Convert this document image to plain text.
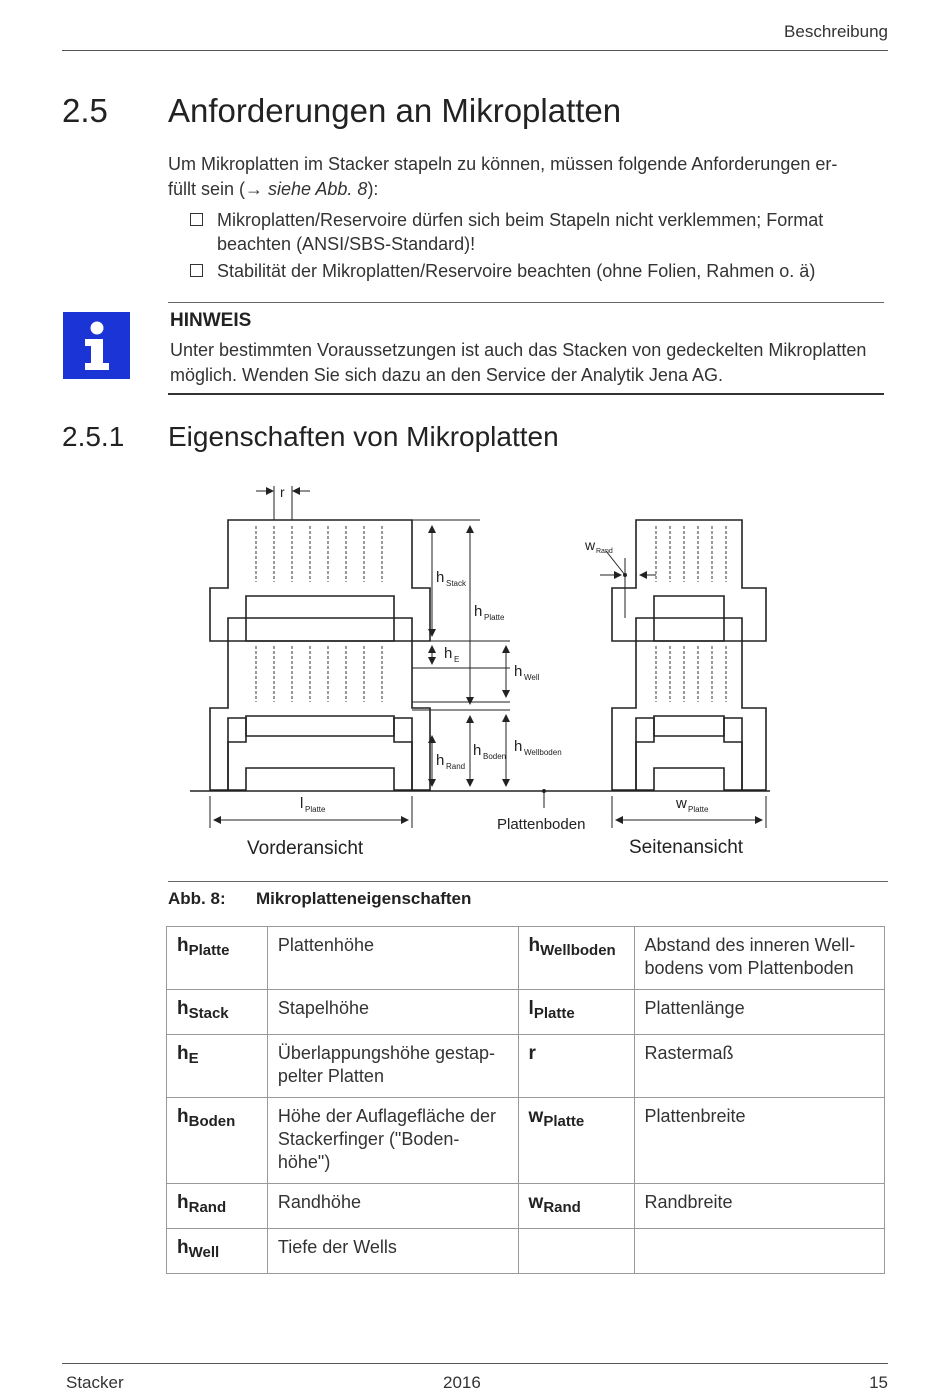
Beschreibung
2.5 Anforderungen an Mikroplatten
Um Mikroplatten im Stacker stapeln zu können, müssen folgende Anforderungen er-
füllt sein (→ siehe Abb. 8):
Mikroplatten/Reservoire dürfen sich beim Stapeln nicht verklemmen; Format beachten (ANSI/SBS-Standard)!
Stabilität der Mikroplatten/Reservoire beachten (ohne Folien, Rahmen o. ä)
HINWEIS
Unter bestimmten Voraussetzungen ist auch das Stacken von gedeckelten Mikroplatten möglich. Wenden Sie sich dazu an den Service der Analytik Jena AG.
2.5.1 Eigenschaften von Mikroplatten
r
h Stack
h Platte
h E
h Well
h Rand
h Boden
h Wellboden
l Platte	w Platte
w Rand
Plattenboden
Vorderansicht	Seitenansicht
Abb. 8: Mikroplatteneigenschaften
$h_{Platte}$	Plattenhöhe	$h_{Wellboden}$	Abstand des inneren Well-bodens vom Plattenboden
$h_{Stack}$	Stapelhöhe	$l_{Platte}$	Plattenlänge
$h_E$	Überlappungshöhe gestap-pelter Platten	r	Rastermaß
$h_{Boden}$	Höhe der Auflagefläche der Stackerfinger ("Boden-höhe")	$w_{Platte}$	Plattenbreite
$h_{Rand}$	Randhöhe	$w_{Rand}$	Randbreite
$h_{Well}$	Tiefe der Wells		
Stacker	2016	15
